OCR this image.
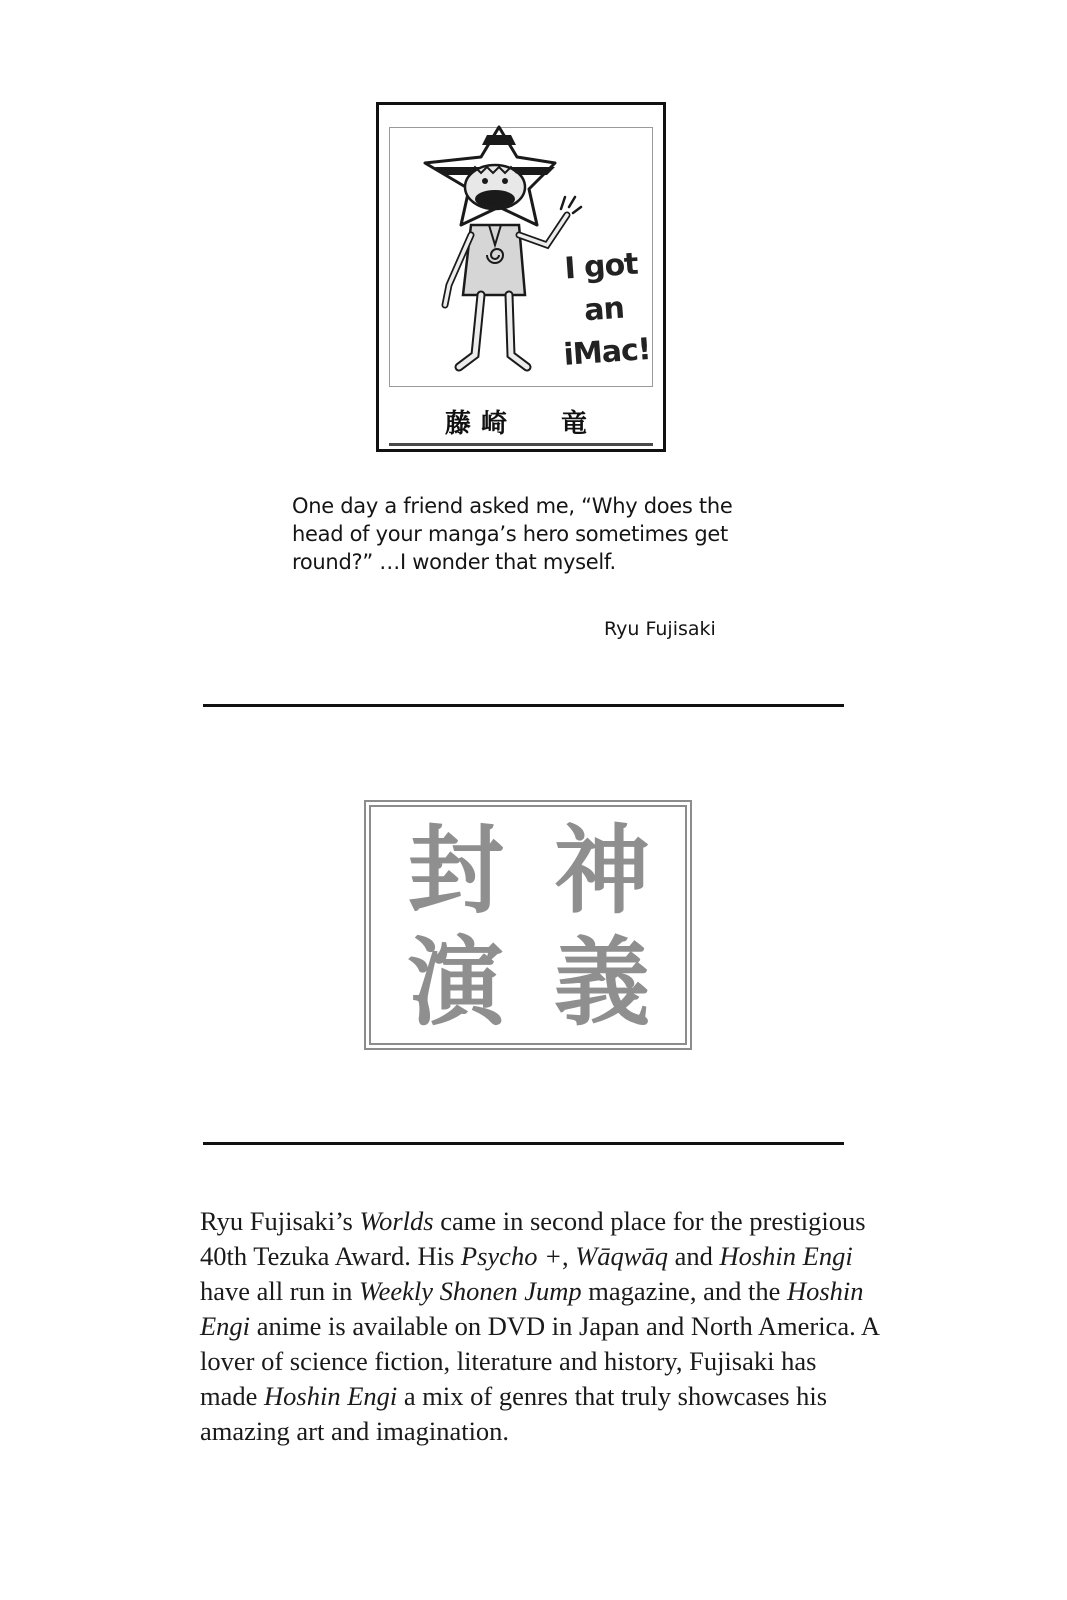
I got
an
iMac!
藤崎 竜
One day a friend asked me, “Why does the head of your manga’s hero sometimes get round?” …I wonder that myself.
Ryu Fujisaki
神
義
封
演
Ryu Fujisaki’s Worlds came in second place for the prestigious 40th Tezuka Award. His Psycho +, Wāqwāq and Hoshin Engi have all run in Weekly Shonen Jump magazine, and the Hoshin Engi anime is available on DVD in Japan and North America. A lover of science fiction, literature and history, Fujisaki has made Hoshin Engi a mix of genres that truly showcases his amazing art and imagination.
